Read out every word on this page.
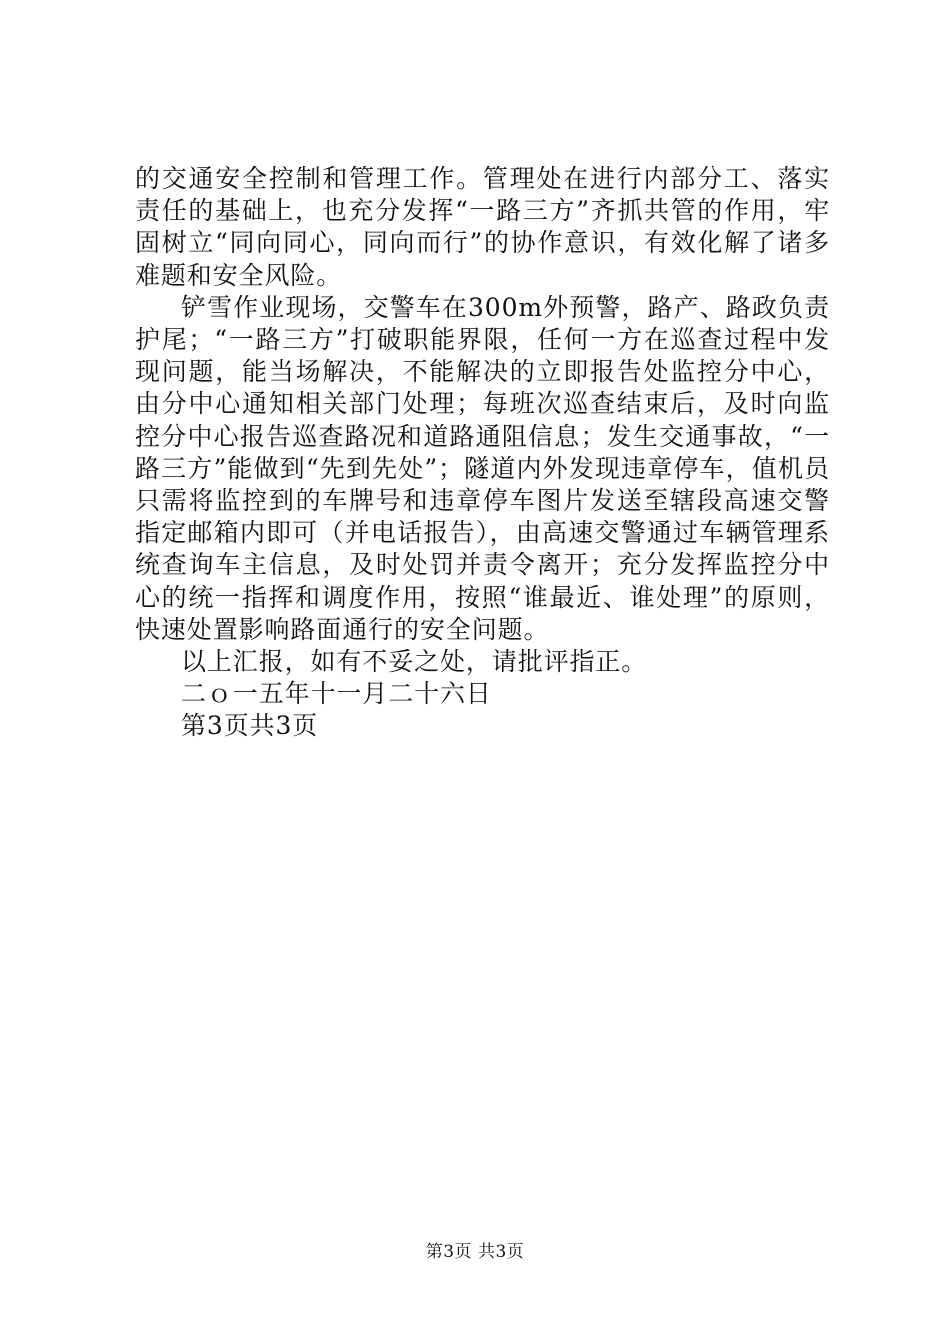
的交通安全控制和管理工作。管理处在进行内部分工、落实责任的基础上，也充分发挥“一路三方”齐抓共管的作用，牢固树立“同向同心，同向而行”的协作意识，有效化解了诸多难题和安全风险。

铲雪作业现场，交警车在300m外预警，路产、路政负责护尾；“一路三方”打破职能界限，任何一方在巡查过程中发现问题，能当场解决，不能解决的立即报告处监控分中心，由分中心通知相关部门处理；每班次巡查结束后，及时向监控分中心报告巡查路况和道路通阻信息；发生交通事故，“一路三方”能做到“先到先处”；隧道内外发现违章停车，值机员只需将监控到的车牌号和违章停车图片发送至辖段高速交警指定邮箱内即可（并电话报告），由高速交警通过车辆管理系统查询车主信息，及时处罚并责令离开；充分发挥监控分中心的统一指挥和调度作用，按照“谁最近、谁处理”的原则，快速处置影响路面通行的安全问题。

以上汇报，如有不妥之处，请批评指正。

二ｏ一五年十一月二十六日

第3页共3页

第3页 共3页
